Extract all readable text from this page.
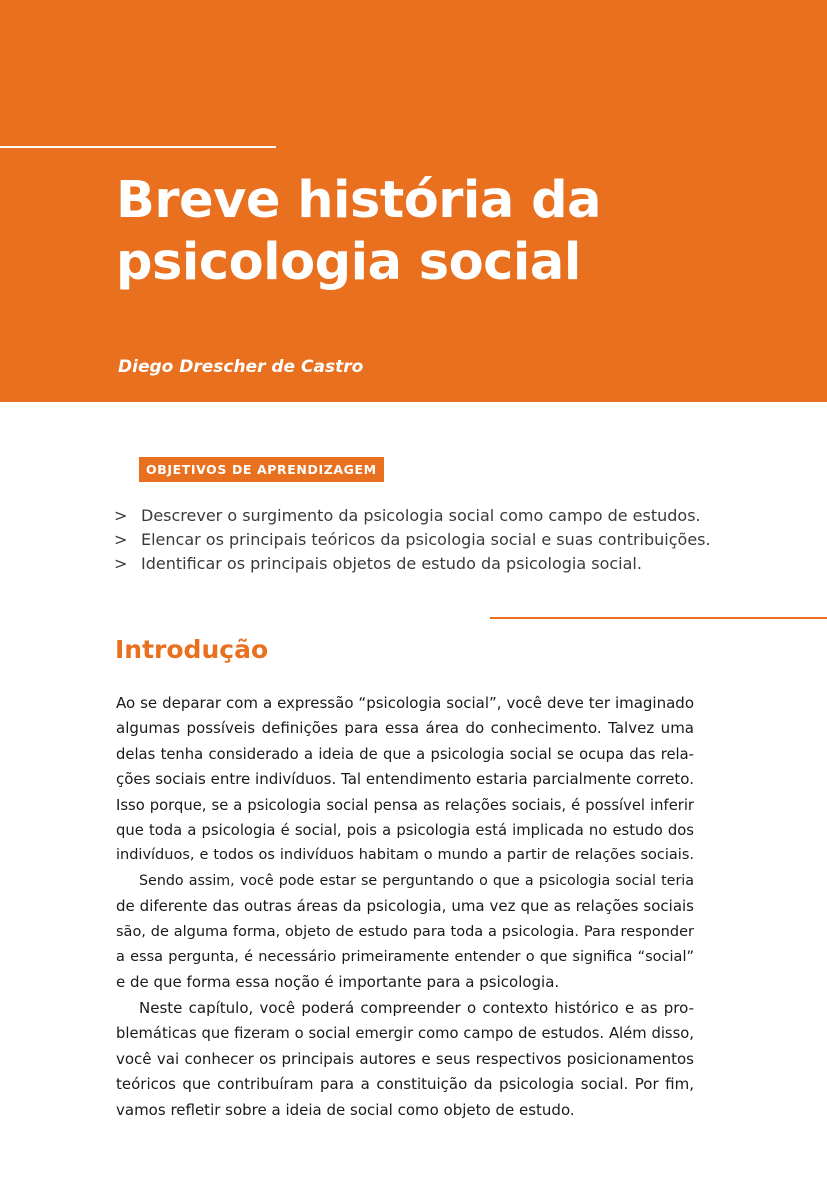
Breve história da
psicologia social
Diego Drescher de Castro
OBJETIVOS DE APRENDIZAGEM
> Descrever o surgimento da psicologia social como campo de estudos.
> Elencar os principais teóricos da psicologia social e suas contribuições.
> Identificar os principais objetos de estudo da psicologia social.
Introdução

Ao se deparar com a expressão “psicologia social”, você deve ter imaginado
algumas possíveis definições para essa área do conhecimento. Talvez uma
delas tenha considerado a ideia de que a psicologia social se ocupa das rela-
ções sociais entre indivíduos. Tal entendimento estaria parcialmente correto.
Isso porque, se a psicologia social pensa as relações sociais, é possível inferir
que toda a psicologia é social, pois a psicologia está implicada no estudo dos
indivíduos, e todos os indivíduos habitam o mundo a partir de relações sociais.

Sendo assim, você pode estar se perguntando o que a psicologia social teria
de diferente das outras áreas da psicologia, uma vez que as relações sociais
são, de alguma forma, objeto de estudo para toda a psicologia. Para responder
a essa pergunta, é necessário primeiramente entender o que significa “social”
e de que forma essa noção é importante para a psicologia.

Neste capítulo, você poderá compreender o contexto histórico e as pro-
blemáticas que fizeram o social emergir como campo de estudos. Além disso,
você vai conhecer os principais autores e seus respectivos posicionamentos
teóricos que contribuíram para a constituição da psicologia social. Por fim,
vamos refletir sobre a ideia de social como objeto de estudo.
